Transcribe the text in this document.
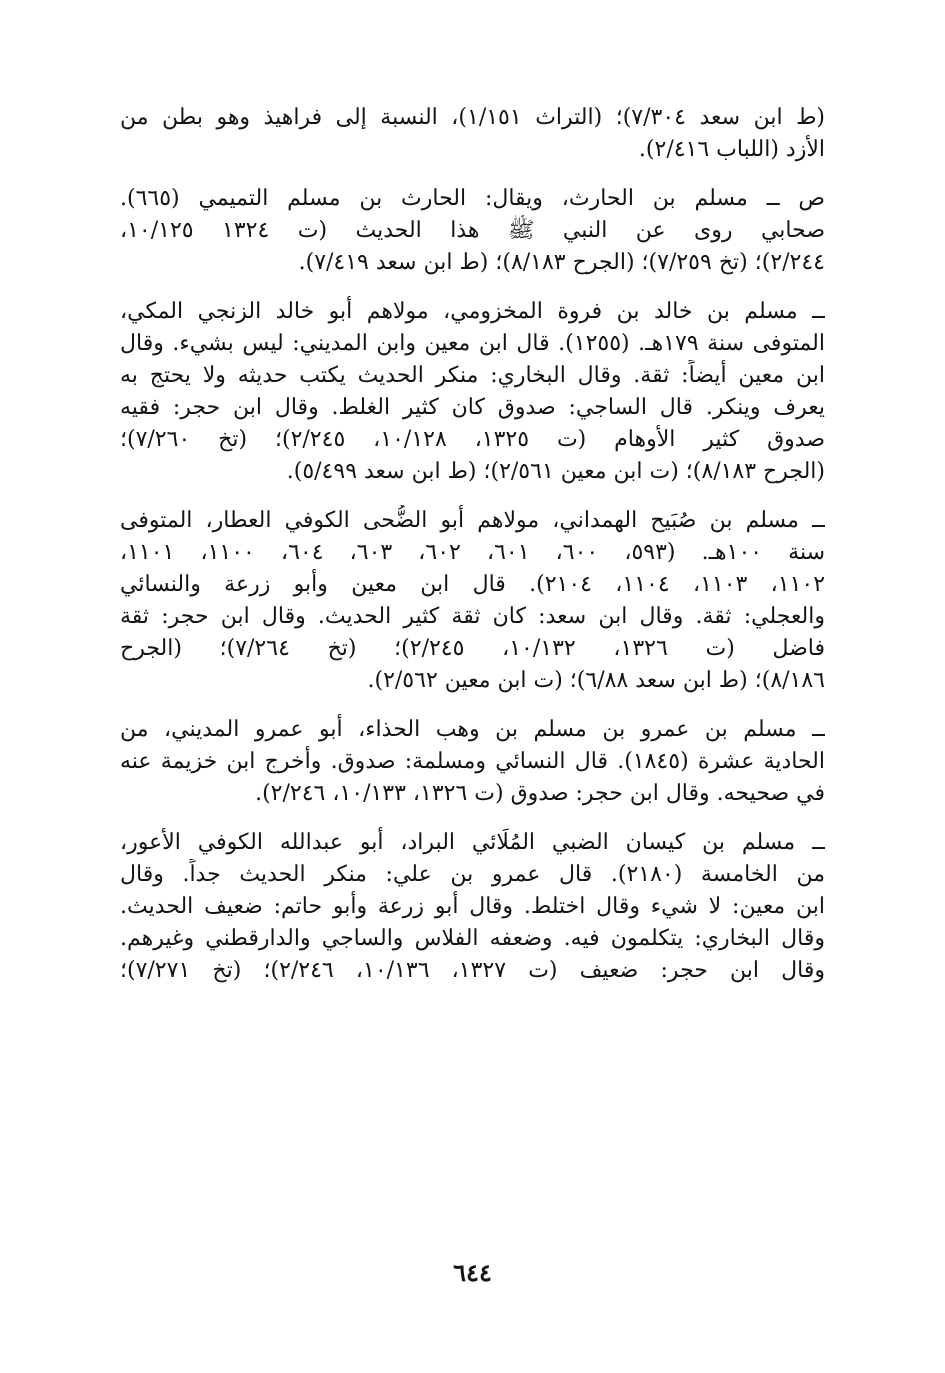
(ط ابن سعد ٧/٣٠٤)؛ (التراث ١/١٥١)، النسبة إلى فراهيذ وهو بطن من
الأزد (اللباب ٢/٤١٦).
ص ــ مسلم بن الحارث، ويقال: الحارث بن مسلم التميمي (٦٦٥).
صحابي روى عن النبي ﷺ هذا الحديث (ت ١٣٢٤ ١٠/١٢٥،
٢/٢٤٤)؛ (تخ ٧/٢٥٩)؛ (الجرح ٨/١٨٣)؛ (ط ابن سعد ٧/٤١٩).
ــ مسلم بن خالد بن فروة المخزومي، مولاهم أبو خالد الزنجي المكي،
المتوفى سنة ١٧٩هـ. (١٢٥٥). قال ابن معين وابن المديني: ليس بشيء. وقال
ابن معين أيضاً: ثقة. وقال البخاري: منكر الحديث يكتب حديثه ولا يحتج به
يعرف وينكر. قال الساجي: صدوق كان كثير الغلط. وقال ابن حجر: فقيه
صدوق كثير الأوهام (ت ١٣٢٥، ١٠/١٢٨، ٢/٢٤٥)؛ (تخ ٧/٢٦٠)؛
(الجرح ٨/١٨٣)؛ (ت ابن معين ٢/٥٦١)؛ (ط ابن سعد ٥/٤٩٩).
ــ مسلم بن صُبَيح الهمداني، مولاهم أبو الضُّحى الكوفي العطار، المتوفى
سنة ١٠٠هـ. (٥٩٣، ٦٠٠، ٦٠١، ٦٠٢، ٦٠٣، ٦٠٤، ١١٠٠، ١١٠١،
١١٠٢، ١١٠٣، ١١٠٤، ٢١٠٤). قال ابن معين وأبو زرعة والنسائي
والعجلي: ثقة. وقال ابن سعد: كان ثقة كثير الحديث. وقال ابن حجر: ثقة
فاضل (ت ١٣٢٦، ١٠/١٣٢، ٢/٢٤٥)؛ (تخ ٧/٢٦٤)؛ (الجرح
٨/١٨٦)؛ (ط ابن سعد ٦/٨٨)؛ (ت ابن معين ٢/٥٦٢).
ــ مسلم بن عمرو بن مسلم بن وهب الحذاء، أبو عمرو المديني، من
الحادية عشرة (١٨٤٥). قال النسائي ومسلمة: صدوق. وأخرج ابن خزيمة عنه
في صحيحه. وقال ابن حجر: صدوق (ت ١٣٢٦، ١٠/١٣٣، ٢/٢٤٦).
ــ مسلم بن كيسان الضبي المُلَائي البراد، أبو عبدالله الكوفي الأعور،
من الخامسة (٢١٨٠). قال عمرو بن علي: منكر الحديث جداً. وقال
ابن معين: لا شيء وقال اختلط. وقال أبو زرعة وأبو حاتم: ضعيف الحديث.
وقال البخاري: يتكلمون فيه. وضعفه الفلاس والساجي والدارقطني وغيرهم.
وقال ابن حجر: ضعيف (ت ١٣٢٧، ١٠/١٣٦، ٢/٢٤٦)؛ (تخ ٧/٢٧١)؛
٦٤٤
